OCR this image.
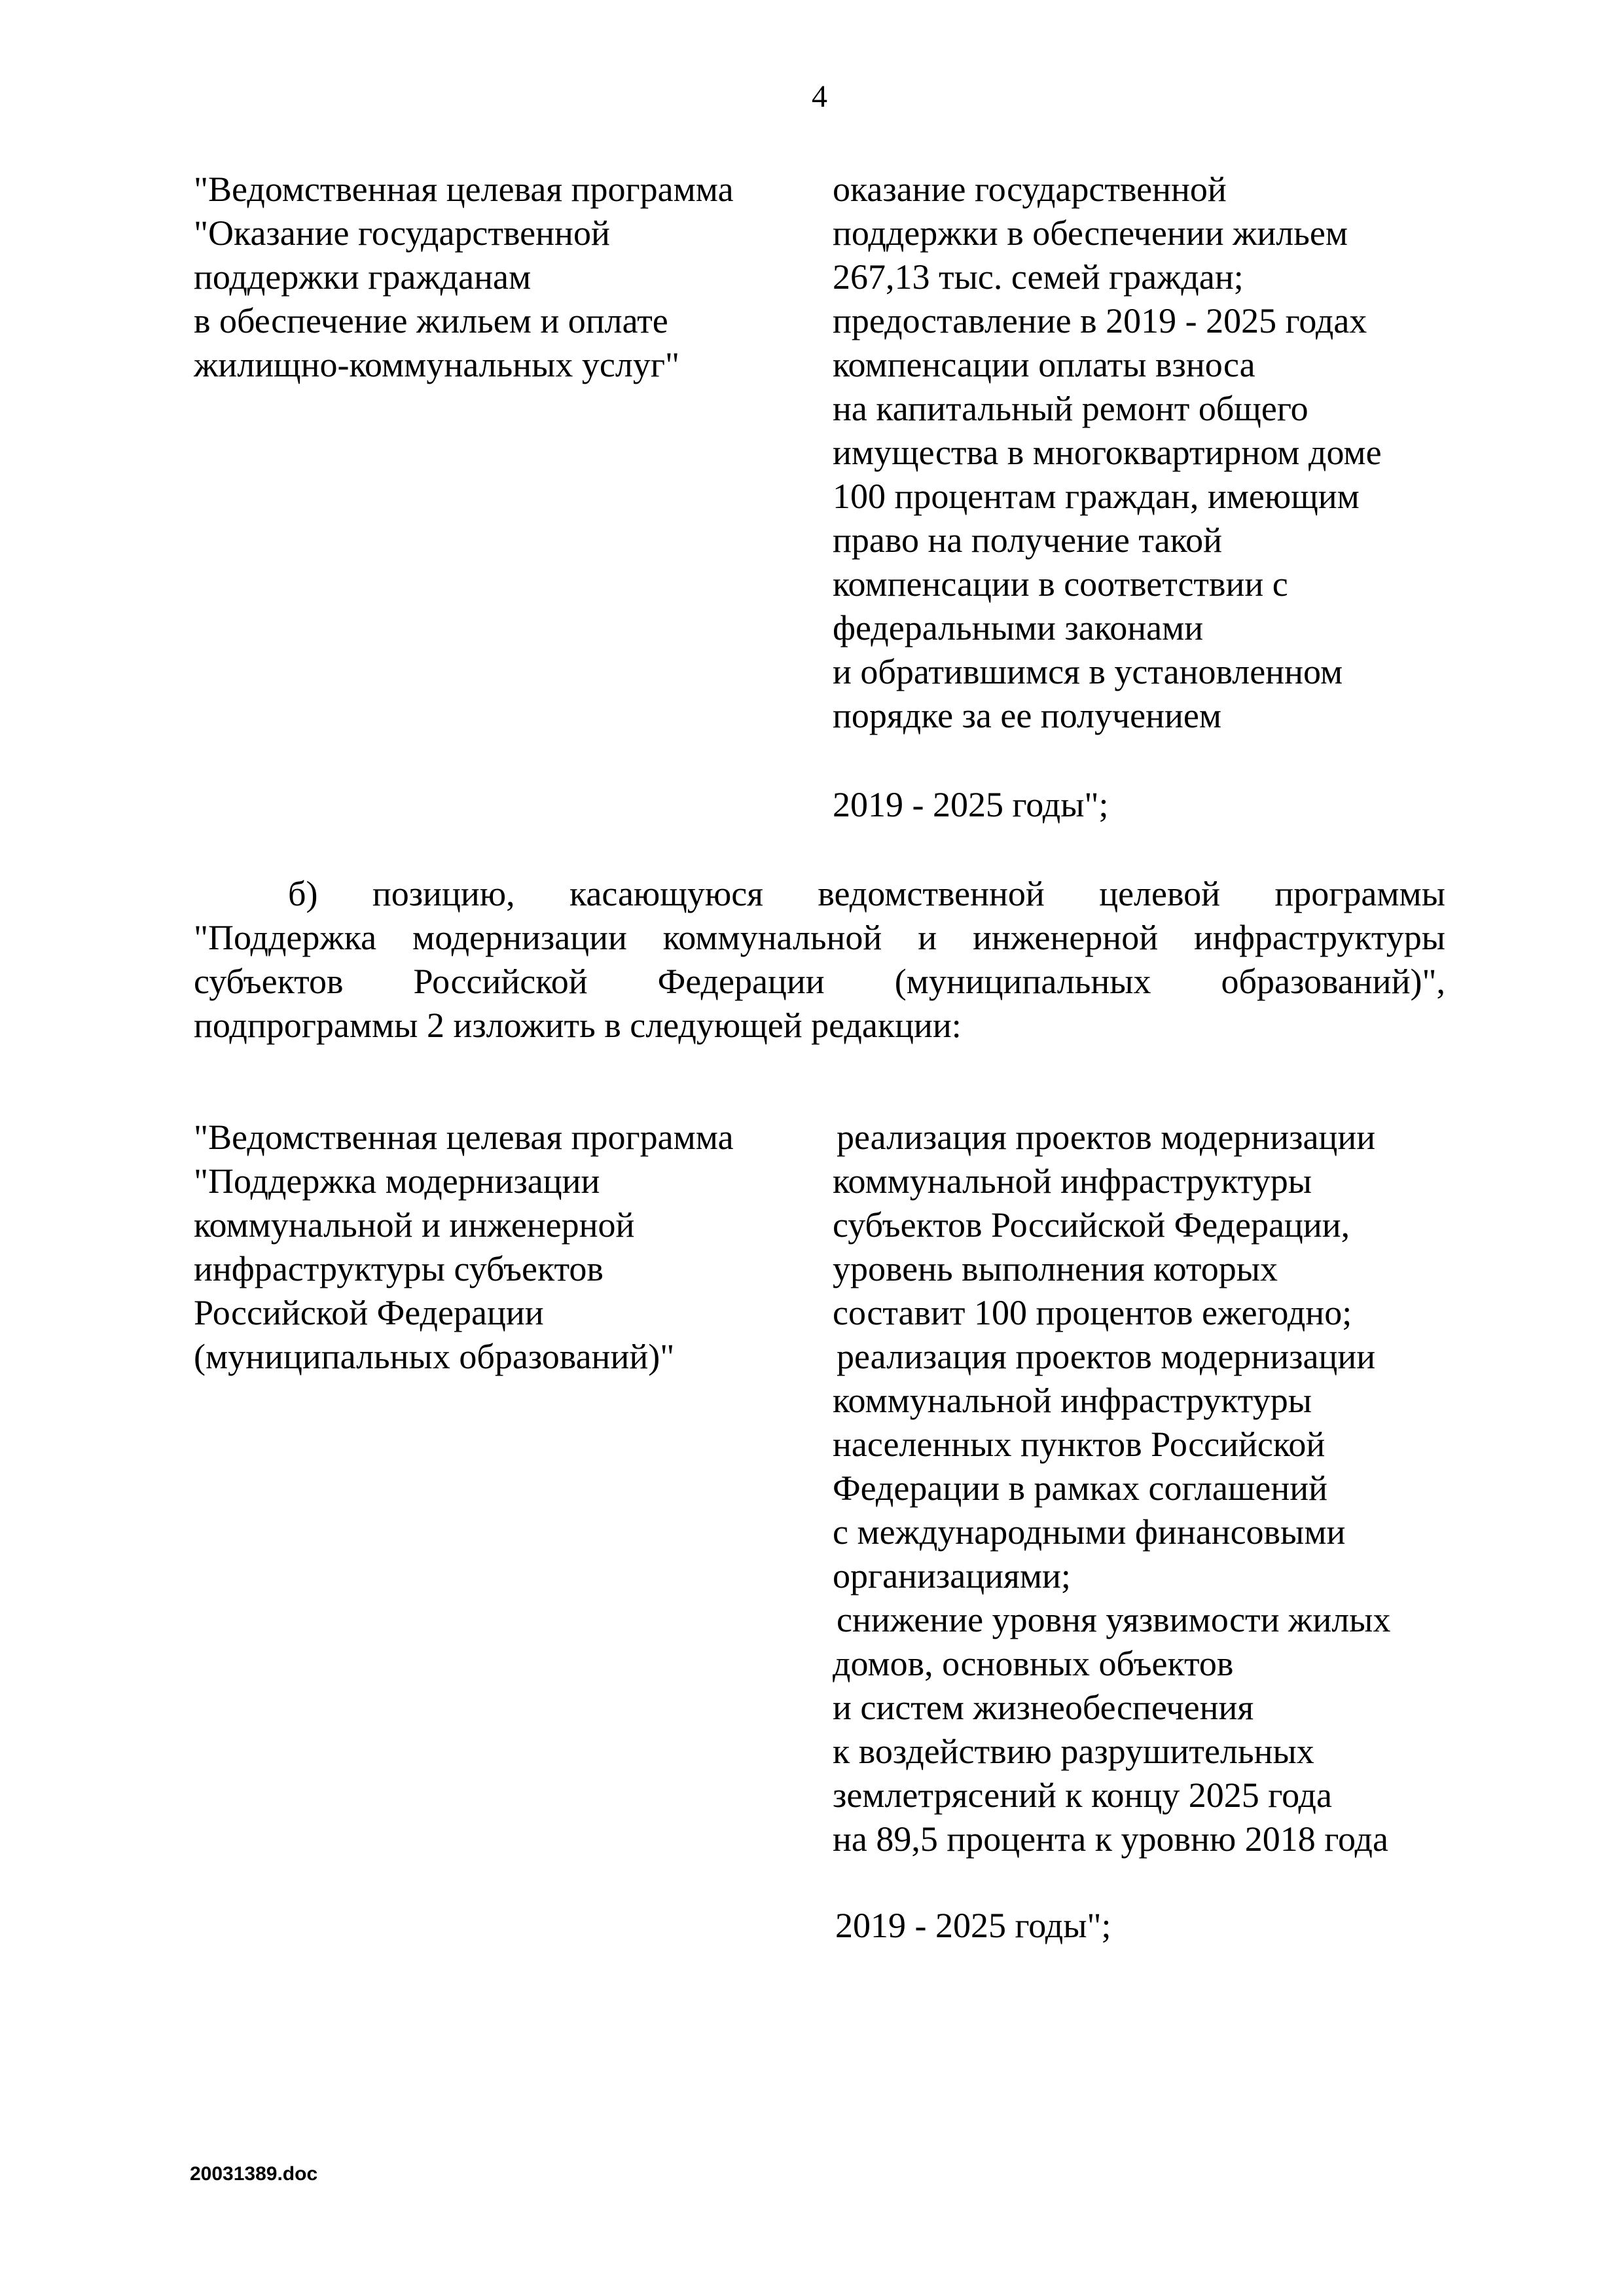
4
"Ведомственная целевая программа
"Оказание государственной
поддержки гражданам
в обеспечение жильем и оплате
жилищно-коммунальных услуг"
оказание государственной
поддержки в обеспечении жильем
267,13 тыс. семей граждан;
предоставление в 2019 - 2025 годах
компенсации оплаты взноса
на капитальный ремонт общего
имущества в многоквартирном доме
100 процентам граждан, имеющим
право на получение такой
компенсации в соответствии с
федеральными законами
и обратившимся в установленном
порядке за ее получением
2019 - 2025 годы";
б) позицию, касающуюся ведомственной целевой программы
"Поддержка модернизации коммунальной и инженерной инфраструктуры
субъектов Российской Федерации (муниципальных образований)",
подпрограммы 2 изложить в следующей редакции:
"Ведомственная целевая программа
"Поддержка модернизации
коммунальной и инженерной
инфраструктуры субъектов
Российской Федерации
(муниципальных образований)"
реализация проектов модернизации
коммунальной инфраструктуры
субъектов Российской Федерации,
уровень выполнения которых
составит 100 процентов ежегодно;
реализация проектов модернизации
коммунальной инфраструктуры
населенных пунктов Российской
Федерации в рамках соглашений
с международными финансовыми
организациями;
снижение уровня уязвимости жилых
домов, основных объектов
и систем жизнеобеспечения
к воздействию разрушительных
землетрясений к концу 2025 года
на 89,5 процента к уровню 2018 года
2019 - 2025 годы";
20031389.doc
